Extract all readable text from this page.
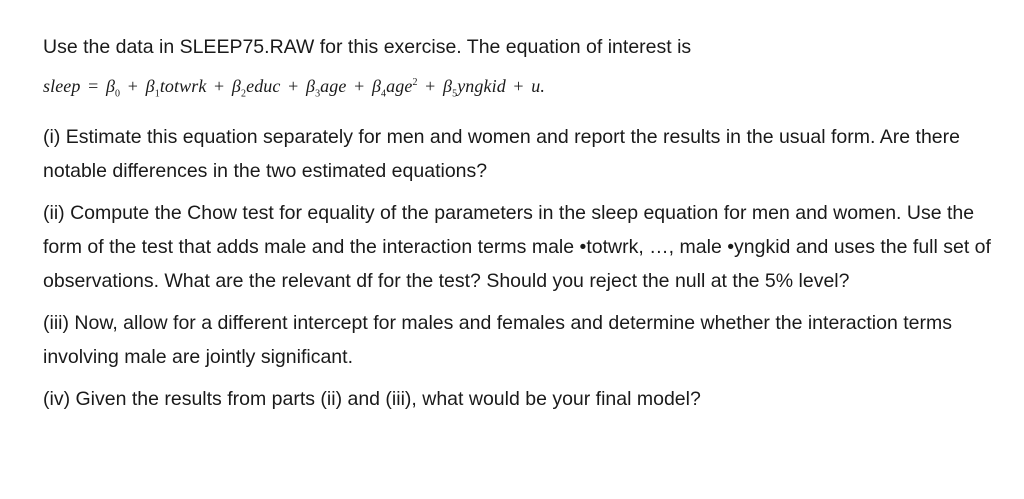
Use the data in SLEEP75.RAW for this exercise. The equation of interest is

sleep = $\beta_0$ + $\beta_1totwrk$ + $\beta_2educ + \beta_3age + \beta_4age^2$ + $\beta_5yngkid + u$.

(i) Estimate this equation separately for men and women and report the results in the usual form. Are there notable differences in the two estimated equations?

(ii) Compute the Chow test for equality of the parameters in the sleep equation for men and women. Use the form of the test that adds male and the interaction terms male •totwrk, …, male •yngkid and uses the full set of observations. What are the relevant df for the test? Should you reject the null at the 5% level?

(iii) Now, allow for a different intercept for males and females and determine whether the interaction terms involving male are jointly significant.

(iv) Given the results from parts (ii) and (iii), what would be your final model?
